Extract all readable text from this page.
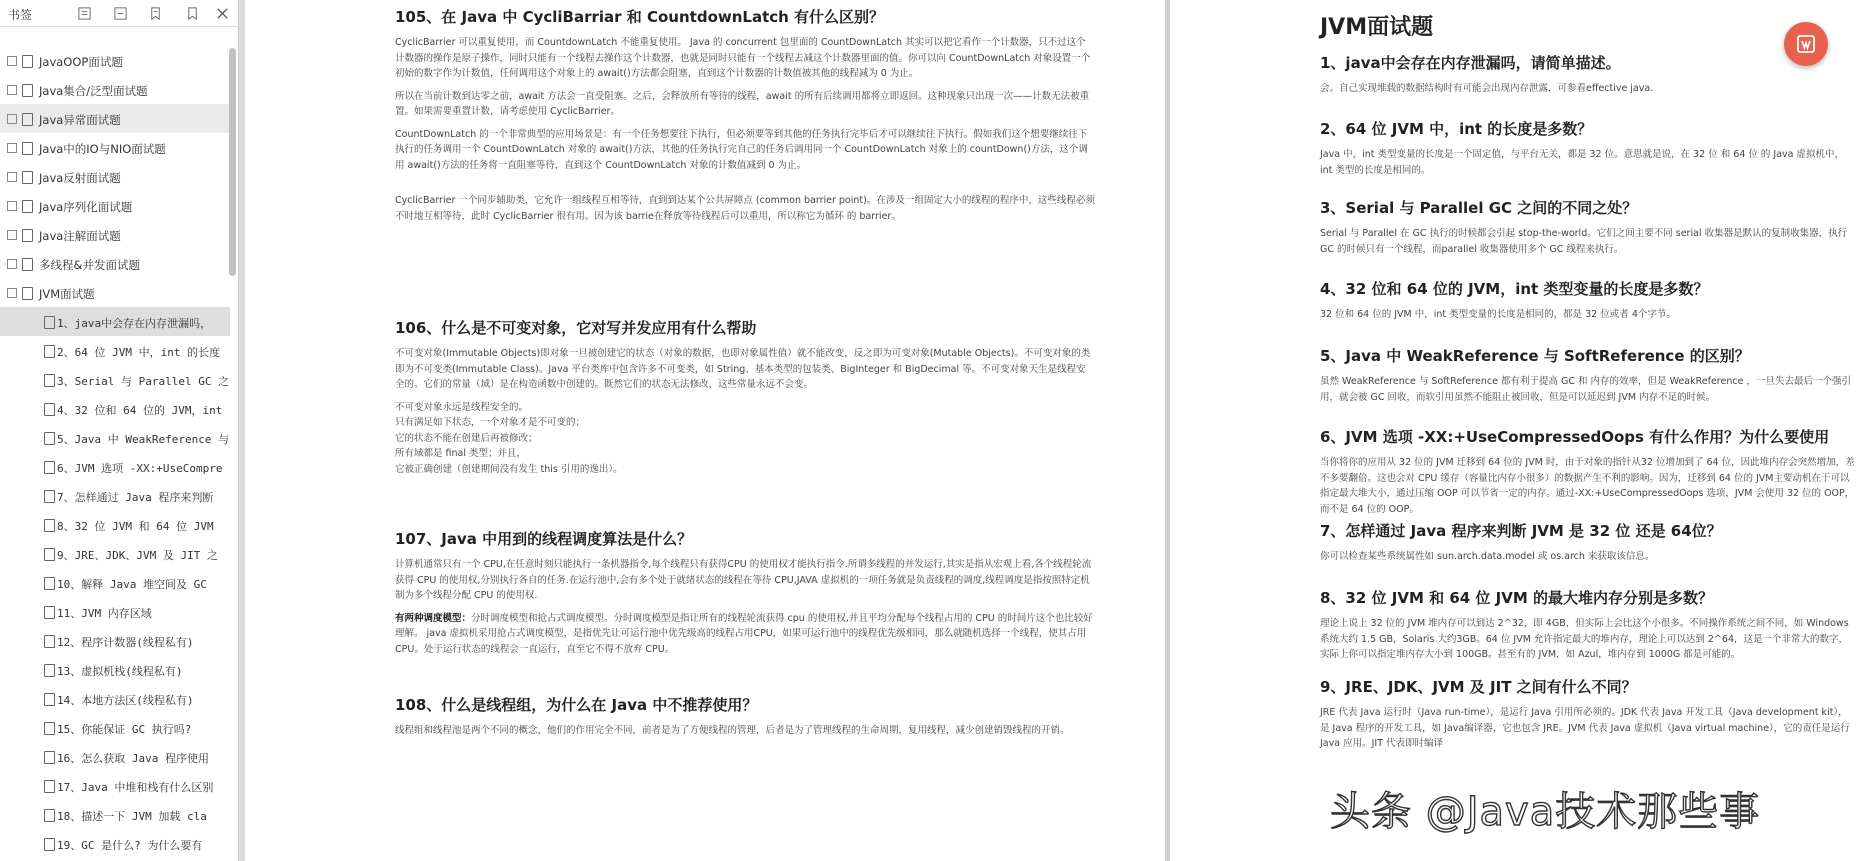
书签
JavaOOP面试题
Java集合/泛型面试题
Java异常面试题
Java中的IO与NIO面试题
Java反射面试题
Java序列化面试题
Java注解面试题
多线程&并发面试题
JVM面试题
1、java中会存在内存泄漏吗，
2、64 位 JVM 中，int 的长度
3、Serial 与 Parallel GC 之
4、32 位和 64 位的 JVM，int
5、Java 中 WeakReference 与
6、JVM 选项 -XX:+UseCompre
7、怎样通过 Java 程序来判断
8、32 位 JVM 和 64 位 JVM
9、JRE、JDK、JVM 及 JIT 之
10、解释 Java 堆空间及 GC
11、JVM 内存区域
12、程序计数器(线程私有)
13、虚拟机栈(线程私有)
14、本地方法区(线程私有)
15、你能保证 GC 执行吗?
16、怎么获取 Java 程序使用
17、Java 中堆和栈有什么区别
18、描述一下 JVM 加载 cla
19、GC 是什么? 为什么要有

105、在 Java 中 CycliBarriar 和 CountdownLatch 有什么区别？

CyclicBarrier 可以重复使用，而 CountdownLatch 不能重复使用。 Java 的 concurrent 包里面的 CountDownLatch 其实可以把它看作一个计数器，只不过这个计数器的操作是原子操作，同时只能有一个线程去操作这个计数器，也就是同时只能有一个线程去减这个计数器里面的值。你可以向 CountDownLatch 对象设置一个初始的数字作为计数值，任何调用这个对象上的 await()方法都会阻塞，直到这个计数器的计数值被其他的线程减为 0 为止。

所以在当前计数到达零之前，await 方法会一直受阻塞。之后，会释放所有等待的线程，await 的所有后续调用都将立即返回。这种现象只出现一次——计数无法被重置。如果需要重置计数，请考虑使用 CyclicBarrier。

CountDownLatch 的一个非常典型的应用场景是：有一个任务想要往下执行，但必须要等到其他的任务执行完毕后才可以继续往下执行。假如我们这个想要继续往下执行的任务调用一个 CountDownLatch 对象的 await()方法，其他的任务执行完自己的任务后调用同一个 CountDownLatch 对象上的 countDown()方法，这个调用 await()方法的任务将一直阻塞等待，直到这个 CountDownLatch 对象的计数值减到 0 为止。

CyclicBarrier 一个同步辅助类，它允许一组线程互相等待，直到到达某个公共屏障点 (common barrier point)。在涉及一组固定大小的线程的程序中，这些线程必须不时地互相等待，此时 CyclicBarrier 很有用。因为该 barrie在释放等待线程后可以重用，所以称它为循环 的 barrier。

106、什么是不可变对象，它对写并发应用有什么帮助

不可变对象(Immutable Objects)即对象一旦被创建它的状态（对象的数据，也即对象属性值）就不能改变，反之即为可变对象(Mutable Objects)。不可变对象的类即为不可变类(Immutable Class)。Java 平台类库中包含许多不可变类，如 String、基本类型的包装类、BigInteger 和 BigDecimal 等。不可变对象天生是线程安全的。它们的常量（域）是在构造函数中创建的。既然它们的状态无法修改，这些常量永远不会变。

不可变对象永远是线程安全的。

只有满足如下状态，一个对象才是不可变的；

它的状态不能在创建后再被修改；

所有域都是 final 类型；并且，

它被正确创建（创建期间没有发生 this 引用的逸出）。

107、Java 中用到的线程调度算法是什么？

计算机通常只有一个 CPU,在任意时刻只能执行一条机器指令,每个线程只有获得CPU 的使用权才能执行指令.所谓多线程的并发运行,其实是指从宏观上看,各个线程轮流获得 CPU 的使用权,分别执行各自的任务.在运行池中,会有多个处于就绪状态的线程在等待 CPU,JAVA 虚拟机的一项任务就是负责线程的调度,线程调度是指按照特定机制为多个线程分配 CPU 的使用权.

有两种调度模型：分时调度模型和抢占式调度模型。分时调度模型是指让所有的线程轮流获得 cpu 的使用权,并且平均分配每个线程占用的 CPU 的时间片这个也比较好理解。 java 虚拟机采用抢占式调度模型，是指优先让可运行池中优先级高的线程占用CPU，如果可运行池中的线程优先级相同，那么就随机选择一个线程，使其占用CPU。处于运行状态的线程会一直运行，直至它不得不放弃 CPU。

108、什么是线程组，为什么在 Java 中不推荐使用？

线程组和线程池是两个不同的概念，他们的作用完全不同，前者是为了方便线程的管理，后者是为了管理线程的生命周期，复用线程，减少创建销毁线程的开销。

JVM面试题

1、java中会存在内存泄漏吗，请简单描述。

会。自己实现堆载的数据结构时有可能会出现内存泄露，可参看effective java.

2、64 位 JVM 中，int 的长度是多数？

Java 中，int 类型变量的长度是一个固定值，与平台无关，都是 32 位。意思就是说，在 32 位 和 64 位 的 Java 虚拟机中，int 类型的长度是相同的。

3、Serial 与 Parallel GC 之间的不同之处？

Serial 与 Parallel 在 GC 执行的时候都会引起 stop-the-world。它们之间主要不同 serial 收集器是默认的复制收集器，执行 GC 的时候只有一个线程，而parallel 收集器使用多个 GC 线程来执行。

4、32 位和 64 位的 JVM，int 类型变量的长度是多数？

32 位和 64 位的 JVM 中，int 类型变量的长度是相同的，都是 32 位或者 4个字节。

5、Java 中 WeakReference 与 SoftReference 的区别？

虽然 WeakReference 与 SoftReference 都有利于提高 GC 和 内存的效率，但是 WeakReference ，一旦失去最后一个强引用，就会被 GC 回收，而软引用虽然不能阻止被回收，但是可以延迟到 JVM 内存不足的时候。

6、JVM 选项 -XX:+UseCompressedOops 有什么作用？为什么要使用

当你将你的应用从 32 位的 JVM 迁移到 64 位的 JVM 时，由于对象的指针从32 位增加到了 64 位，因此堆内存会突然增加，差不多要翻倍。这也会对 CPU 缓存（容量比内存小很多）的数据产生不利的影响。因为，迁移到 64 位的 JVM主要动机在于可以指定最大堆大小，通过压缩 OOP 可以节省一定的内存。通过-XX:+UseCompressedOops 选项，JVM 会使用 32 位的 OOP，而不是 64 位的 OOP。

7、怎样通过 Java 程序来判断 JVM 是 32 位 还是 64位？

你可以检查某些系统属性如 sun.arch.data.model 或 os.arch 来获取该信息。

8、32 位 JVM 和 64 位 JVM 的最大堆内存分别是多数？

理论上说上 32 位的 JVM 堆内存可以到达 2^32，即 4GB，但实际上会比这个小很多。不同操作系统之间不同，如 Windows 系统大约 1.5 GB，Solaris 大约3GB。64 位 JVM 允许指定最大的堆内存，理论上可以达到 2^64，这是一个非常大的数字，实际上你可以指定堆内存大小到 100GB。甚至有的 JVM，如 Azul，堆内存到 1000G 都是可能的。

9、JRE、JDK、JVM 及 JIT 之间有什么不同？

JRE 代表 Java 运行时（Java run-time），是运行 Java 引用所必须的。JDK 代表 Java 开发工具（Java development kit），是 Java 程序的开发工具，如 Java编译器，它也包含 JRE。JVM 代表 Java 虚拟机（Java virtual machine），它的责任是运行 Java 应用。JIT 代表即时编译

头条 @Java技术那些事
